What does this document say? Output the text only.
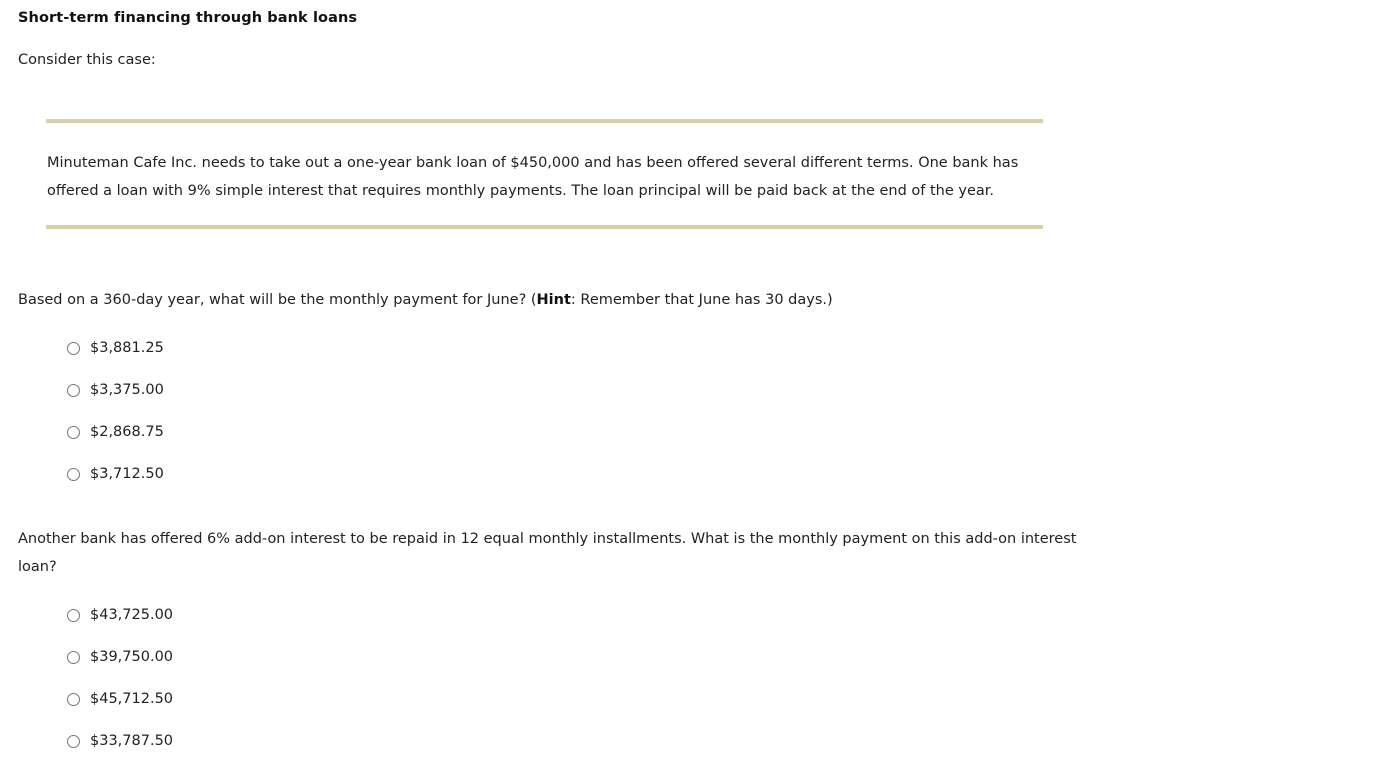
Short-term financing through bank loans
Consider this case:
Minuteman Cafe Inc. needs to take out a one-year bank loan of $450,000 and has been offered several different terms. One bank has offered a loan with 9% simple interest that requires monthly payments. The loan principal will be paid back at the end of the year.
Based on a 360-day year, what will be the monthly payment for June? (Hint: Remember that June has 30 days.)
$3,881.25
$3,375.00
$2,868.75
$3,712.50
Another bank has offered 6% add-on interest to be repaid in 12 equal monthly installments. What is the monthly payment on this add-on interest loan?
$43,725.00
$39,750.00
$45,712.50
$33,787.50
